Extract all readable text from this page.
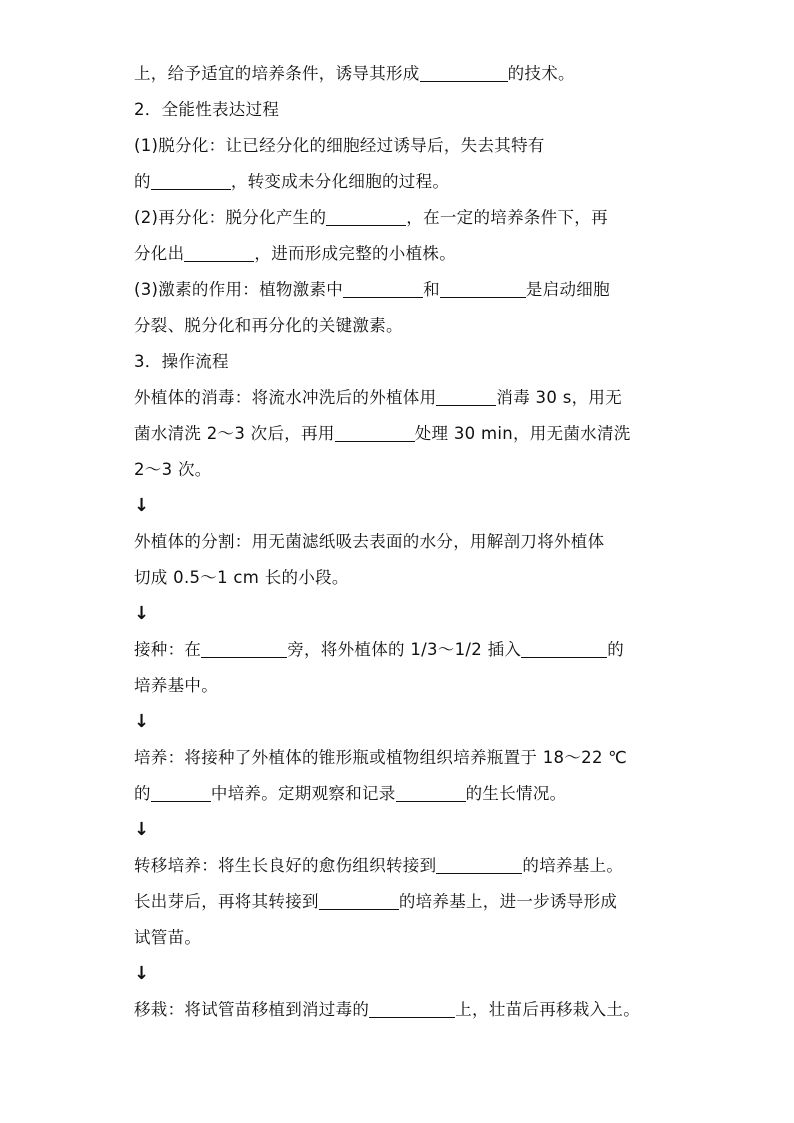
上，给予适宜的培养条件，诱导其形成	的技术。
2．全能性表达过程
(1)脱分化：让已经分化的细胞经过诱导后，失去其特有
的	，转变成未分化细胞的过程。
(2)再分化：脱分化产生的	，在一定的培养条件下，再
分化出	，进而形成完整的小植株。
(3)激素的作用：植物激素中	和	是启动细胞
分裂、脱分化和再分化的关键激素。
3．操作流程
外植体的消毒：将流水冲洗后的外植体用	消毒 30 s，用无
菌水清洗 2～3 次后，再用	处理 30 min，用无菌水清洗
2～3 次。
↓
外植体的分割：用无菌滤纸吸去表面的水分，用解剖刀将外植体
切成 0.5～1 cm 长的小段。
↓
接种：在	旁，将外植体的 1/3～1/2 插入	的
培养基中。
↓
培养：将接种了外植体的锥形瓶或植物组织培养瓶置于 18～22 ℃
的	中培养。定期观察和记录	的生长情况。
↓
转移培养：将生长良好的愈伤组织转接到	的培养基上。
长出芽后，再将其转接到	的培养基上，进一步诱导形成
试管苗。
↓
移栽：将试管苗移植到消过毒的	上，壮苗后再移栽入土。
